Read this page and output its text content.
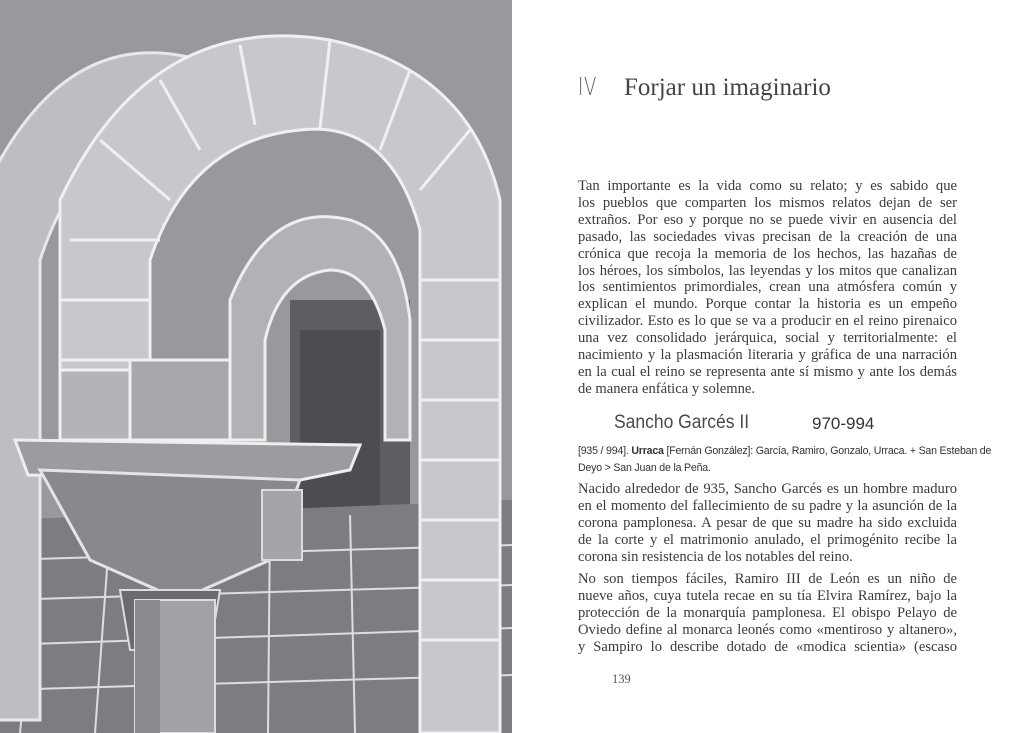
IV Forjar un imaginario
Tan importante es la vida como su relato; y es sabido que
los pueblos que comparten los mismos relatos dejan de ser
extraños. Por eso y porque no se puede vivir en ausencia del
pasado, las sociedades vivas precisan de la creación de una
crónica que recoja la memoria de los hechos, las hazañas de
los héroes, los símbolos, las leyendas y los mitos que canalizan
los sentimientos primordiales, crean una atmósfera común y
explican el mundo. Porque contar la historia es un empeño
civilizador. Esto es lo que se va a producir en el reino pirenaico
una vez consolidado jerárquica, social y territorialmente: el
nacimiento y la plasmación literaria y gráfica de una narración
en la cual el reino se representa ante sí mismo y ante los demás
de manera enfática y solemne.
Sancho Garcés II	970-994
[935 / 994]. Urraca [Fernán González]: García, Ramiro, Gonzalo, Urraca. + San Esteban de
Deyo > San Juan de la Peña.
Nacido alrededor de 935, Sancho Garcés es un hombre maduro
en el momento del fallecimiento de su padre y la asunción de la
corona pamplonesa. A pesar de que su madre ha sido excluida
de la corte y el matrimonio anulado, el primogénito recibe la
corona sin resistencia de los notables del reino.
No son tiempos fáciles, Ramiro III de León es un niño de
nueve años, cuya tutela recae en su tía Elvira Ramírez, bajo la
protección de la monarquía pamplonesa. El obispo Pelayo de
Oviedo define al monarca leonés como «mentiroso y altanero»,
y Sampiro lo describe dotado de «modica scientia» (escaso
139
